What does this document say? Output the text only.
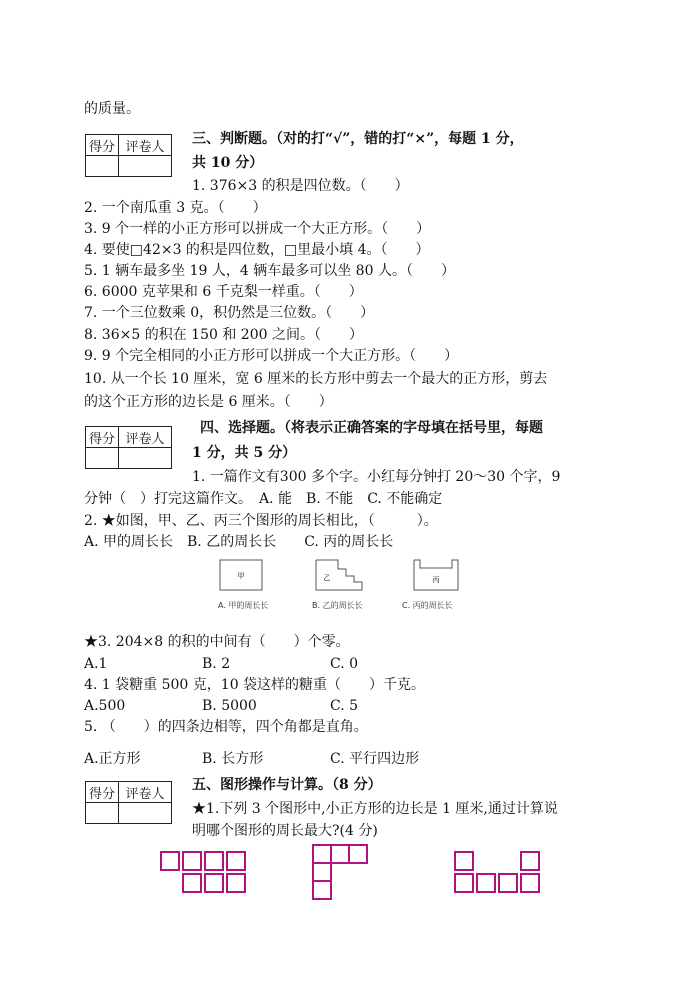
的质量。
得分	评卷人
	三、判断题。（对的打“√”，错的打“×”，每题 1 分，
共 10 分）
1. 376×3 的积是四位数。（　　）
2. 一个南瓜重 3 克。（　　）
3. 9 个一样的小正方形可以拼成一个大正方形。（　　）
4. 要使□42×3 的积是四位数，□里最小填 4。（　　）
5. 1 辆车最多坐 19 人，4 辆车最多可以坐 80 人。（　　）
6. 6000 克苹果和 6 千克梨一样重。（　　）
7. 一个三位数乘 0，积仍然是三位数。（　　）
8. 36×5 的积在 150 和 200 之间。（　　）
9. 9 个完全相同的小正方形可以拼成一个大正方形。（　　）
10. 从一个长 10 厘米，宽 6 厘米的长方形中剪去一个最大的正方形，剪去
的这个正方形的边长是 6 厘米。（　　）
得分	评卷人

四、选择题。（将表示正确答案的字母填在括号里，每题
1 分，共 5 分）
1. 一篇作文有300 多个字。小红每分钟打 20～30 个字，9
分钟（　）打完这篇作文。　A. 能　B. 不能　C. 不能确定
2. ★如图，甲、乙、丙三个图形的周长相比，（　　　）。
A. 甲的周长长　B. 乙的周长长　　C. 丙的周长长
甲	乙	丙
A. 甲的周长长	B. 乙的周长长	C. 丙的周长长
★3. 204×8 的积的中间有（　　）个零。
A.1	B. 2	C. 0
4. 1 袋糖重 500 克，10 袋这样的糖重（　　）千克。
A.500	B. 5000	C. 5
5. （　　）的四条边相等，四个角都是直角。
A.正方形	B. 长方形	C. 平行四边形
得分	评卷人

五、图形操作与计算。（8 分）
★1.下列 3 个图形中,小正方形的边长是 1 厘米,通过计算说
明哪个图形的周长最大?(4 分)
